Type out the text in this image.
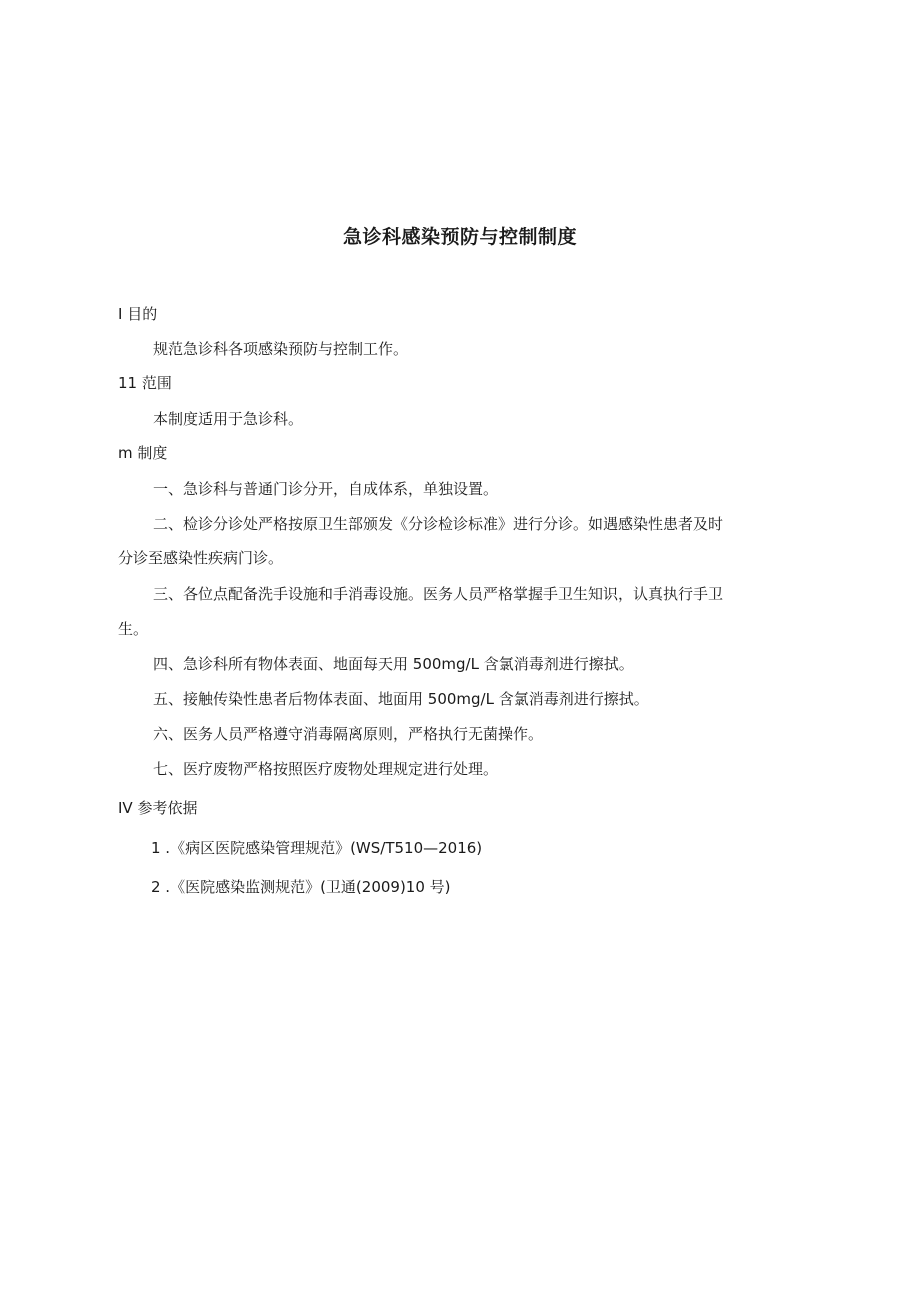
急诊科感染预防与控制制度
I 目的
规范急诊科各项感染预防与控制工作。
11 范围
本制度适用于急诊科。
m 制度
一、急诊科与普通门诊分开，自成体系，单独设置。
二、检诊分诊处严格按原卫生部颁发《分诊检诊标准》进行分诊。如遇感染性患者及时
分诊至感染性疾病门诊。
三、各位点配备洗手设施和手消毒设施。医务人员严格掌握手卫生知识，认真执行手卫
生。
四、急诊科所有物体表面、地面每天用 500mg/L 含氯消毒剂进行擦拭。
五、接触传染性患者后物体表面、地面用 500mg/L 含氯消毒剂进行擦拭。
六、医务人员严格遵守消毒隔离原则，严格执行无菌操作。
七、医疗废物严格按照医疗废物处理规定进行处理。
IV 参考依据
1 .《病区医院感染管理规范》(WS/T510—2016)
2 .《医院感染监测规范》(卫通(2009)10 号)
